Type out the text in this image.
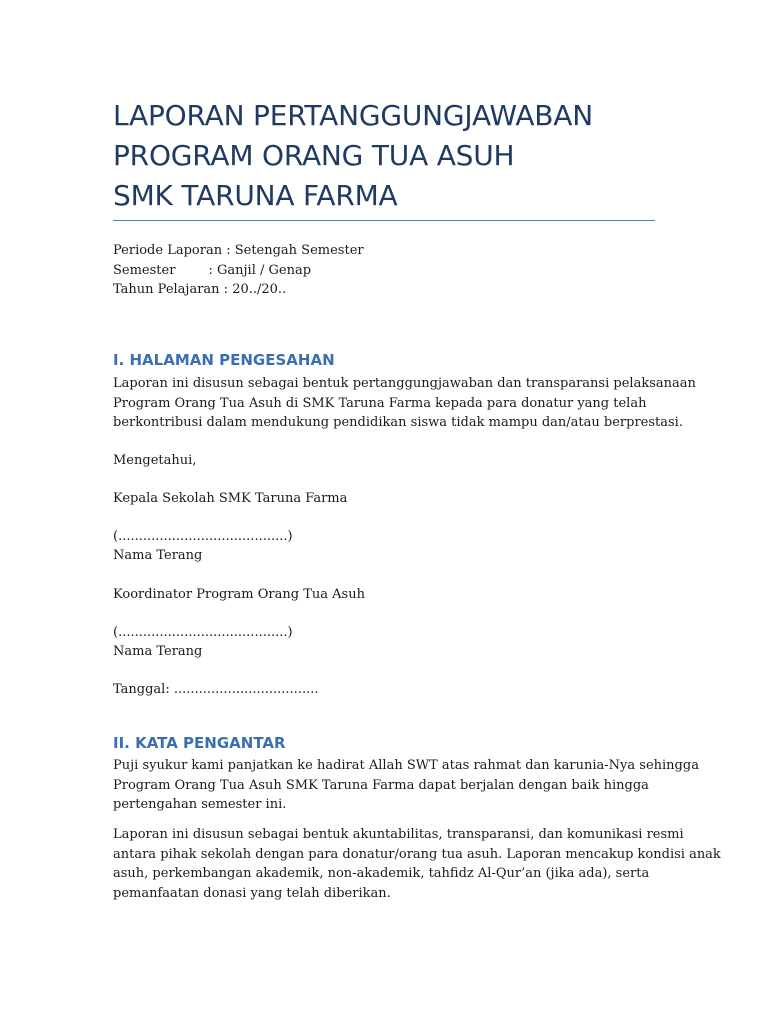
LAPORAN PERTANGGUNGJAWABAN
PROGRAM ORANG TUA ASUH
SMK TARUNA FARMA
Periode Laporan : Setengah Semester
Semester        : Ganjil / Genap
Tahun Pelajaran : 20../20..
I. HALAMAN PENGESAHAN
Laporan ini disusun sebagai bentuk pertanggungjawaban dan transparansi pelaksanaan
Program Orang Tua Asuh di SMK Taruna Farma kepada para donatur yang telah
berkontribusi dalam mendukung pendidikan siswa tidak mampu dan/atau berprestasi.
Mengetahui,
Kepala Sekolah SMK Taruna Farma
(.........................................)
Nama Terang
Koordinator Program Orang Tua Asuh
(.........................................)
Nama Terang
Tanggal: ...................................
II. KATA PENGANTAR
Puji syukur kami panjatkan ke hadirat Allah SWT atas rahmat dan karunia-Nya sehingga
Program Orang Tua Asuh SMK Taruna Farma dapat berjalan dengan baik hingga
pertengahan semester ini.
Laporan ini disusun sebagai bentuk akuntabilitas, transparansi, dan komunikasi resmi
antara pihak sekolah dengan para donatur/orang tua asuh. Laporan mencakup kondisi anak
asuh, perkembangan akademik, non-akademik, tahfidz Al-Qur’an (jika ada), serta
pemanfaatan donasi yang telah diberikan.
